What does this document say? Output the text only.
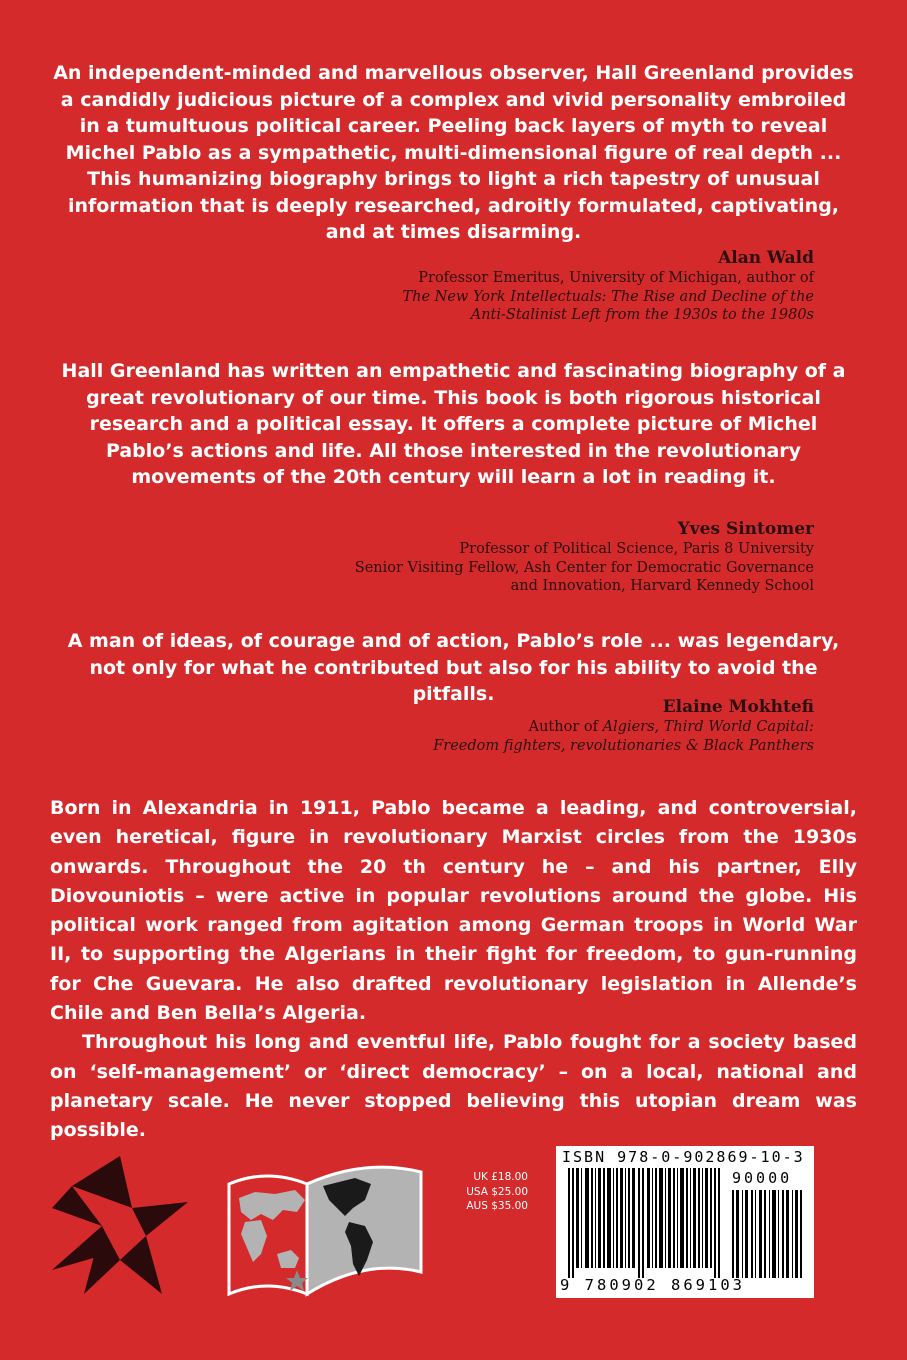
An independent-minded and marvellous observer, Hall Greenland provides a candidly judicious picture of a complex and vivid personality embroiled in a tumultuous political career. Peeling back layers of myth to reveal Michel Pablo as a sympathetic, multi-dimensional figure of real depth ... This humanizing biography brings to light a rich tapestry of unusual information that is deeply researched, adroitly formulated, captivating, and at times disarming.
Alan Wald
Professor Emeritus, University of Michigan, author of
The New York Intellectuals: The Rise and Decline of the
Anti-Stalinist Left from the 1930s to the 1980s
Hall Greenland has written an empathetic and fascinating biography of a great revolutionary of our time. This book is both rigorous historical research and a political essay. It offers a complete picture of Michel Pablo’s actions and life. All those interested in the revolutionary movements of the 20th century will learn a lot in reading it.
Yves Sintomer
Professor of Political Science, Paris 8 University
Senior Visiting Fellow, Ash Center for Democratic Governance
and Innovation, Harvard Kennedy School
A man of ideas, of courage and of action, Pablo’s role ... was legendary, not only for what he contributed but also for his ability to avoid the pitfalls.
Elaine Mokhtefi
Author of Algiers, Third World Capital:
Freedom fighters, revolutionaries & Black Panthers

Born in Alexandria in 1911, Pablo became a leading, and controversial, even heretical, figure in revolutionary Marxist circles from the 1930s onwards. Throughout the 20 th century he – and his partner, Elly Diovouniotis – were active in popular revolutions around the globe. His political work ranged from agitation among German troops in World War II, to supporting the Algerians in their fight for freedom, to gun-running for Che Guevara. He also drafted revolutionary legislation in Allende’s Chile and Ben Bella’s Algeria.

Throughout his long and eventful life, Pablo fought for a society based on ‘self-management’ or ‘direct democracy’ – on a local, national and planetary scale. He never stopped believing this utopian dream was possible.

UK £18.00
USA $25.00
AUS $35.00
ISBN 978-0-902869-10-3
90000
9 780902 869103
